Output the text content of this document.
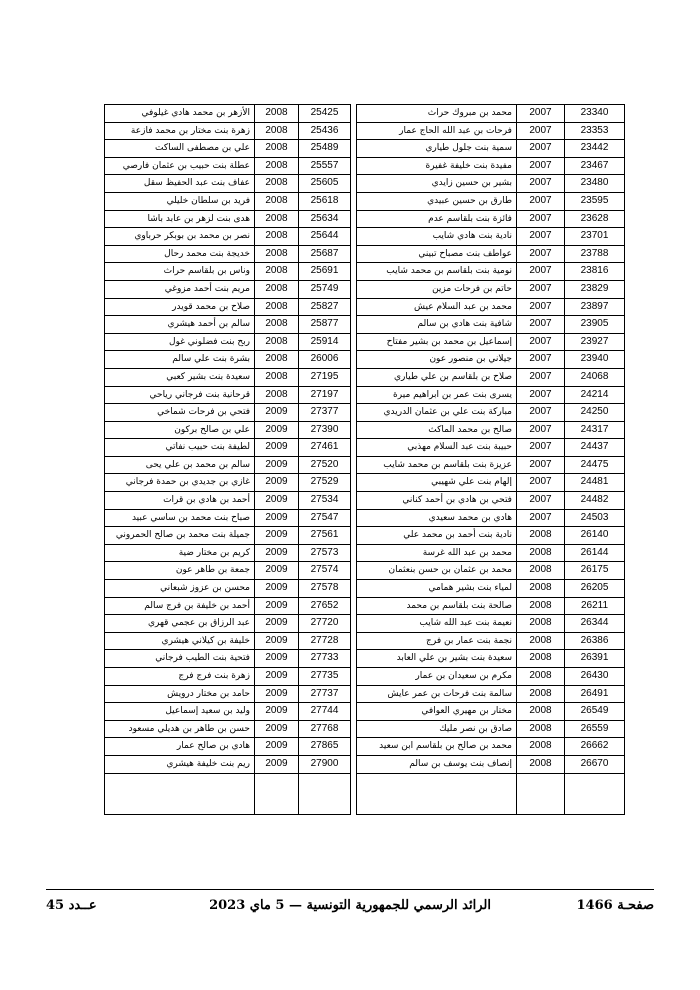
الأزهر بن محمد هادي غيلوفي	2008	25425
زهرة بنت مختار بن محمد فازعة	2008	25436
علي بن مصطفى الساكت	2008	25489
عطلة بنت حبيب بن عثمان فارصي	2008	25557
عفاف بنت عبد الحفيظ سقل	2008	25605
فريد بن سلطان خليلي	2008	25618
هدى بنت لزهر بن عابد باشا	2008	25634
نصر بن محمد بن بوبكر حرباوي	2008	25644
خديجة بنت محمد رحال	2008	25687
وناس بن بلقاسم حراث	2008	25691
مريم بنت أحمد مزوغي	2008	25749
صلاح بن محمد قويدر	2008	25827
سالم بن أحمد هيشري	2008	25877
ربح بنت فضلوني غول	2008	25914
بشرة بنت علي سالم	2008	26006
سعيدة بنت بشير كعبي	2008	27195
قرحانية بنت فرجاني رياحي	2008	27197
فتحي بن فرحات شماخي	2009	27377
علي بن صالح بركون	2009	27390
لطيفة بنت حبيب نفاتي	2009	27461
سالم بن محمد بن علي يحى	2009	27520
غازي بن جديدي بن حمدة فرجاني	2009	27529
أحمد بن هادي بن قرات	2009	27534
صباح بنت محمد بن ساسي عبيد	2009	27547
جميلة بنت محمد بن صالح الحمروني	2009	27561
كريم بن مختار ضية	2009	27573
جمعة بن طاهر عون	2009	27574
محسن بن عزوز شبعاني	2009	27578
أحمد بن خليفة بن فرج سالم	2009	27652
عبد الرزاق بن عجمي قهري	2009	27720
خليفة بن كيلاني هيشري	2009	27728
فتحية بنت الطيب فرجاني	2009	27733
زهرة بنت فرج فرج	2009	27735
حامد بن مختار درويش	2009	27737
وليد بن سعيد إسماعيل	2009	27744
حسن بن طاهر بن هديلي مسعود	2009	27768
هادي بن صالح عمار	2009	27865
ريم بنت خليفة هيشري	2009	27900

محمد بن مبروك حراث	2007	23340
فرحات بن عبد الله الحاج عمار	2007	23353
سمية بنت جلول طياري	2007	23442
مفيدة بنت خليفة غفيرة	2007	23467
بشير بن حسين زايدي	2007	23480
طارق بن حسين عبيدي	2007	23595
فائزة بنت بلقاسم عدم	2007	23628
نادية بنت هادي شايب	2007	23701
عواطف بنت مصباح تبيني	2007	23788
نومية بنت بلقاسم بن محمد شايب	2007	23816
حاتم بن فرحات مزين	2007	23829
محمد بن عبد السلام عيش	2007	23897
شافية بنت هادي بن سالم	2007	23905
إسماعيل بن محمد بن بشير مفتاح	2007	23927
جيلاني بن منصور عون	2007	23940
صلاح بن بلقاسم بن علي طياري	2007	24068
يسرى بنت عمر بن ابراهيم ميرة	2007	24214
مباركة بنت علي بن عثمان الدريدي	2007	24250
صالح بن محمد الماكث	2007	24317
حبيبة بنت عبد السلام مهذبي	2007	24437
عزيزة بنت بلقاسم بن محمد شايب	2007	24475
إلهام بنت علي شهيبي	2007	24481
فتحي بن هادي بن أحمد كناني	2007	24482
هادي بن محمد سعيدي	2007	24503
نادية بنت أحمد بن محمد علي	2008	26140
محمد بن عبد الله غرسة	2008	26144
محمد بن عثمان بن حسن بنعثمان	2008	26175
لمياء بنت بشير همامي	2008	26205
صالحة بنت بلقاسم بن محمد	2008	26211
نعيمة بنت عبد الله شايب	2008	26344
نجمة بنت عمار بن فرج	2008	26386
سعيدة بنت بشير بن علي العابد	2008	26391
مكرم بن سعيدان بن عمار	2008	26430
سالمة بنت فرحات بن عمر عايش	2008	26491
مختار بن مهيري العوافي	2008	26549
صادق بن نصر مليك	2008	26559
محمد بن صالح بن بلقاسم ابن سعيد	2008	26662
إنصاف بنت يوسف بن سالم	2008	26670

صفحـة 1466
الرائد الرسمي للجمهورية التونسية — 5 ماي 2023
عــدد 45
